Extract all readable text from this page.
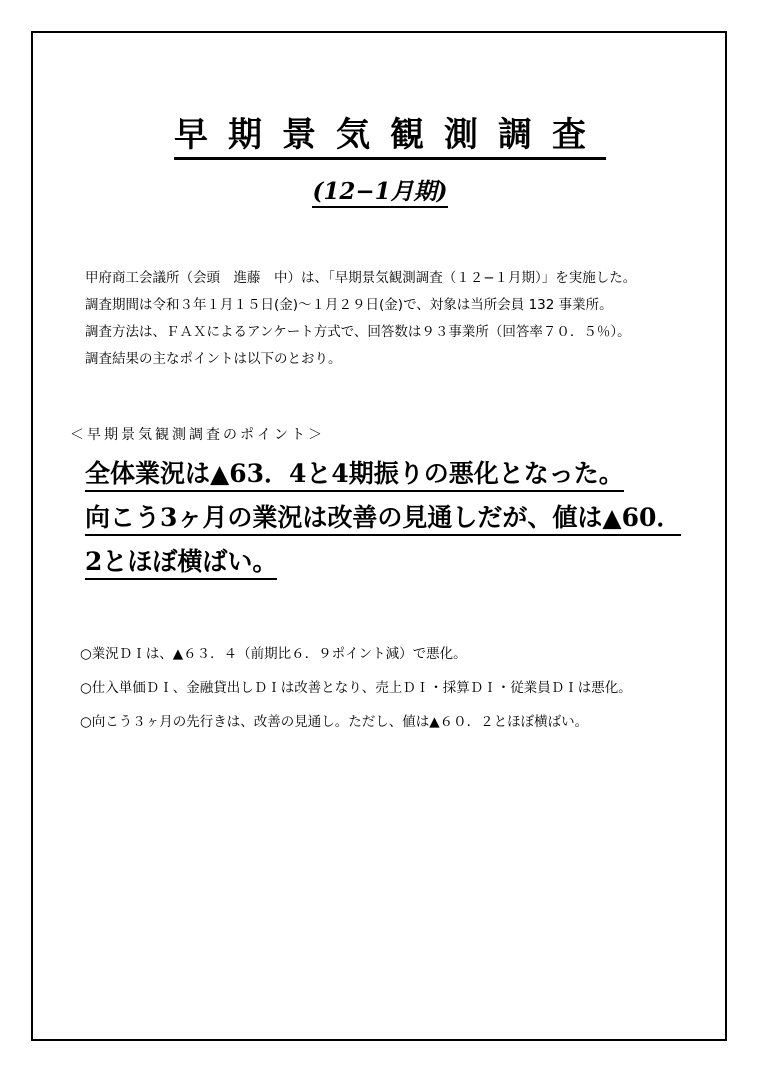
早期景気観測調査
(12−1月期)

甲府商工会議所（会頭　進藤　中）は、「早期景気観測調査（１２−１月期）」を実施した。

調査期間は令和３年１月１５日(金)〜１月２９日(金)で、対象は当所会員 132 事業所。

調査方法は、ＦＡＸによるアンケート方式で、回答数は９３事業所（回答率７０．５％）。

調査結果の主なポイントは以下のとおり。

＜早期景気観測調査のポイント＞

全体業況は▲63．4と4期振りの悪化となった。

向こう3ヶ月の業況は改善の見通しだが、値は▲60．

2とほぼ横ばい。

○業況ＤＩは、▲６３．４（前期比６．９ポイント減）で悪化。

○仕入単価ＤＩ、金融貸出しＤＩは改善となり、売上ＤＩ・採算ＤＩ・従業員ＤＩは悪化。

○向こう３ヶ月の先行きは、改善の見通し。ただし、値は▲６０．２とほぼ横ばい。
